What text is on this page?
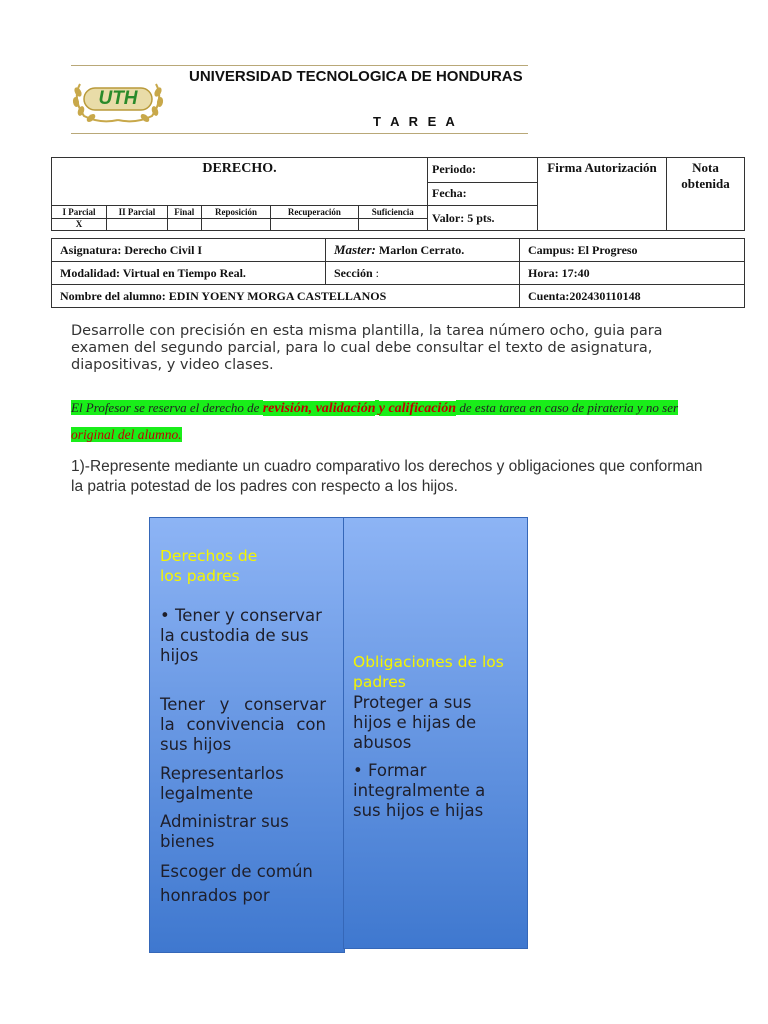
UTH
UNIVERSIDAD TECNOLOGICA DE HONDURAS
T A R E A
DERECHO.						Periodo:	Firma Autorización	Nota obtenida
						Fecha:		
I Parcial	II Parcial	Final	Reposición	Recuperación	Suficiencia	Valor: 5 pts.		
X								
Asignatura: Derecho Civil I	Master: Marlon Cerrato.	Campus: El Progreso
Modalidad: Virtual en Tiempo Real.	Sección :	Hora: 17:40
Nombre del alumno: EDIN YOENY MORGA CASTELLANOS		Cuenta:202430110148
Desarrolle con precisión en esta misma plantilla, la tarea número ocho, guia para examen del segundo parcial, para lo cual debe consultar el texto de asignatura, diapositivas, y video clases.
El Profesor se reserva el derecho de revisión, validación y calificación de esta tarea en caso de pirateria y no ser original del alumno.
1)-Represente mediante un cuadro comparativo los derechos y obligaciones que conforman la patria potestad de los padres con respecto a los hijos.
Derechos de los padres
• Tener y conservar la custodia de sus hijos
Tener y conservar la convivencia con sus hijos
Representarlos legalmente
Administrar sus bienes
Escoger de común honrados por
Obligaciones de los padres
Proteger a sus hijos e hijas de abusos
• Formar integralmente a sus hijos e hijas
